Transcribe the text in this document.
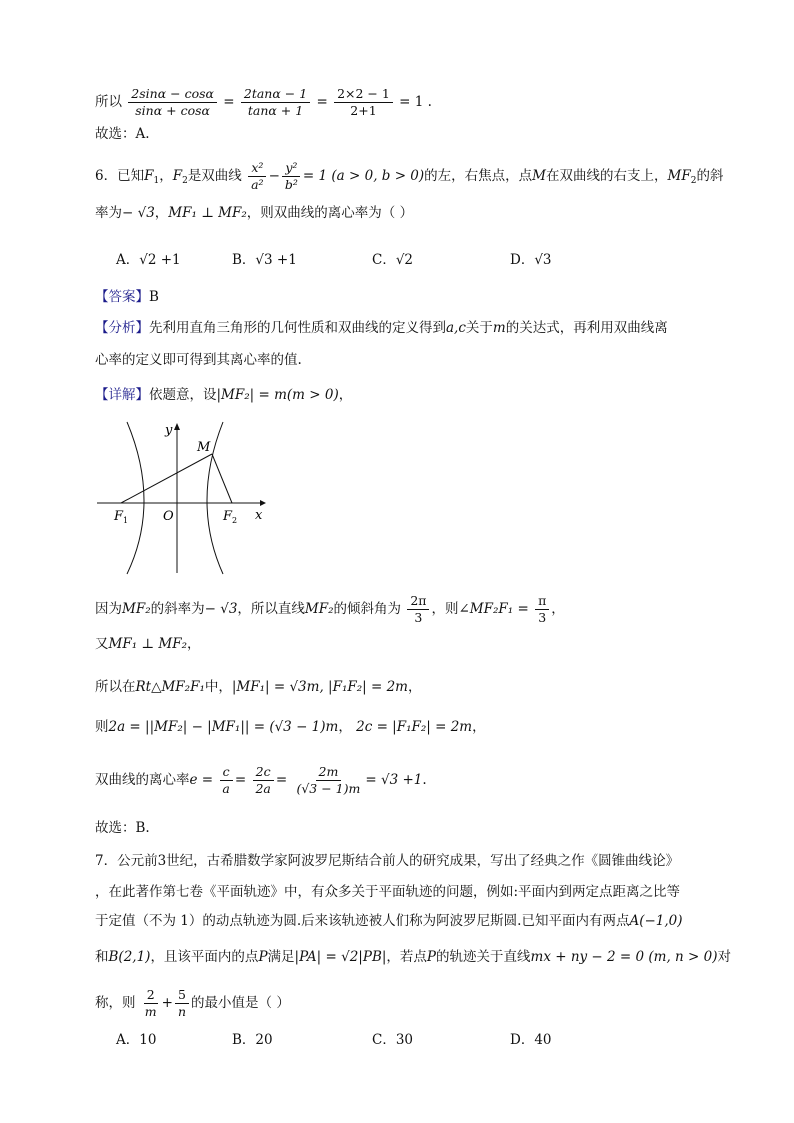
所以 $\frac{2\sin\alpha - \cos\alpha}{\sin\alpha + \cos\alpha} = \frac{2\tan\alpha - 1}{\tan\alpha + 1} = \frac{2\times 2 - 1}{2+1} = 1$ .
故选：A.
6．已知$F_1$，$F_2$是双曲线 $\frac{\text{x²}}{\text{a²}} - \frac{\text{y²}}{\text{b²}} = 1$ (a > 0, b > 0)的左，右焦点，点M在双曲线的右支上，$MF_2$的斜
率为− √3，MF₁ ⊥ MF₂，则双曲线的离心率为（ ）
A．√2 +1	B．√3 +1	C．√2	D．√3
【答案】B
【分析】先利用直角三角形的几何性质和双曲线的定义得到a,c关于m的关达式，再利用双曲线离
心率的定义即可得到其离心率的值.
【详解】依题意，设|MF₂| = m(m > 0)，
y
x
M
O
$F_1$	$F_2$
因为MF₂的斜率为− √3，所以直线MF₂的倾斜角为 $\frac{2\pi}{3}$ ，则∠MF₂F₁ = $\frac{\pi}{3}$ ，
又MF₁ ⊥ MF₂，
所以在Rt△MF₂F₁中，|MF₁| = √3m, |F₁F₂| = 2m，
则2a = ||MF₂| − |MF₁|| = (√3 − 1)m， 2c = |F₁F₂| = 2m，
双曲线的离心率$e = \frac{c}{a} = \frac{2c}{2a} = \frac{2m}{(√3 - 1)m} = √3 +1$.
故选：B.
7．公元前3世纪，古希腊数学家阿波罗尼斯结合前人的研究成果，写出了经典之作《圆锥曲线论》
，在此著作第七卷《平面轨迹》中，有众多关于平面轨迹的问题，例如:平面内到两定点距离之比等
于定值（不为 1）的动点轨迹为圆.后来该轨迹被人们称为阿波罗尼斯圆.已知平面内有两点A(−1,0)
和B(2,1)，且该平面内的点P满足|PA| = √2|PB|，若点P的轨迹关于直线mx + ny − 2 = 0 (m, n > 0)对
称，则 $\frac{2}{m} + \frac{5}{n}$ 的最小值是（ ）
A．10	B．20	C．30	D．40
